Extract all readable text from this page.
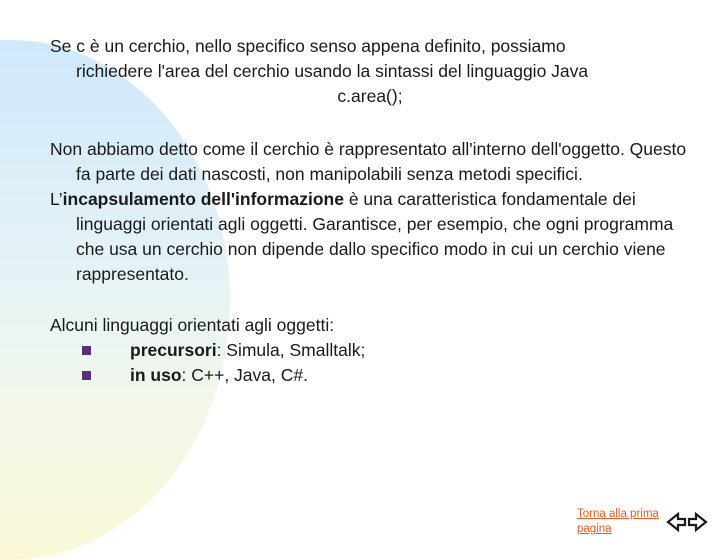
Se c è un cerchio, nello specifico senso appena definito, possiamo
richiedere l'area del cerchio usando la sintassi del linguaggio Java

c.area();

Non abbiamo detto come il cerchio è rappresentato all'interno dell'oggetto. Questo fa parte dei dati nascosti, non manipolabili senza metodi specifici.

L’incapsulamento dell'informazione è una caratteristica fondamentale dei linguaggi orientati agli oggetti. Garantisce, per esempio, che ogni programma che usa un cerchio non dipende dallo specifico modo in cui un cerchio viene rappresentato.

Alcuni linguaggi orientati agli oggetti:

precursori: Simula, Smalltalk;

in uso: C++, Java, C#.

Torna alla prima pagina
